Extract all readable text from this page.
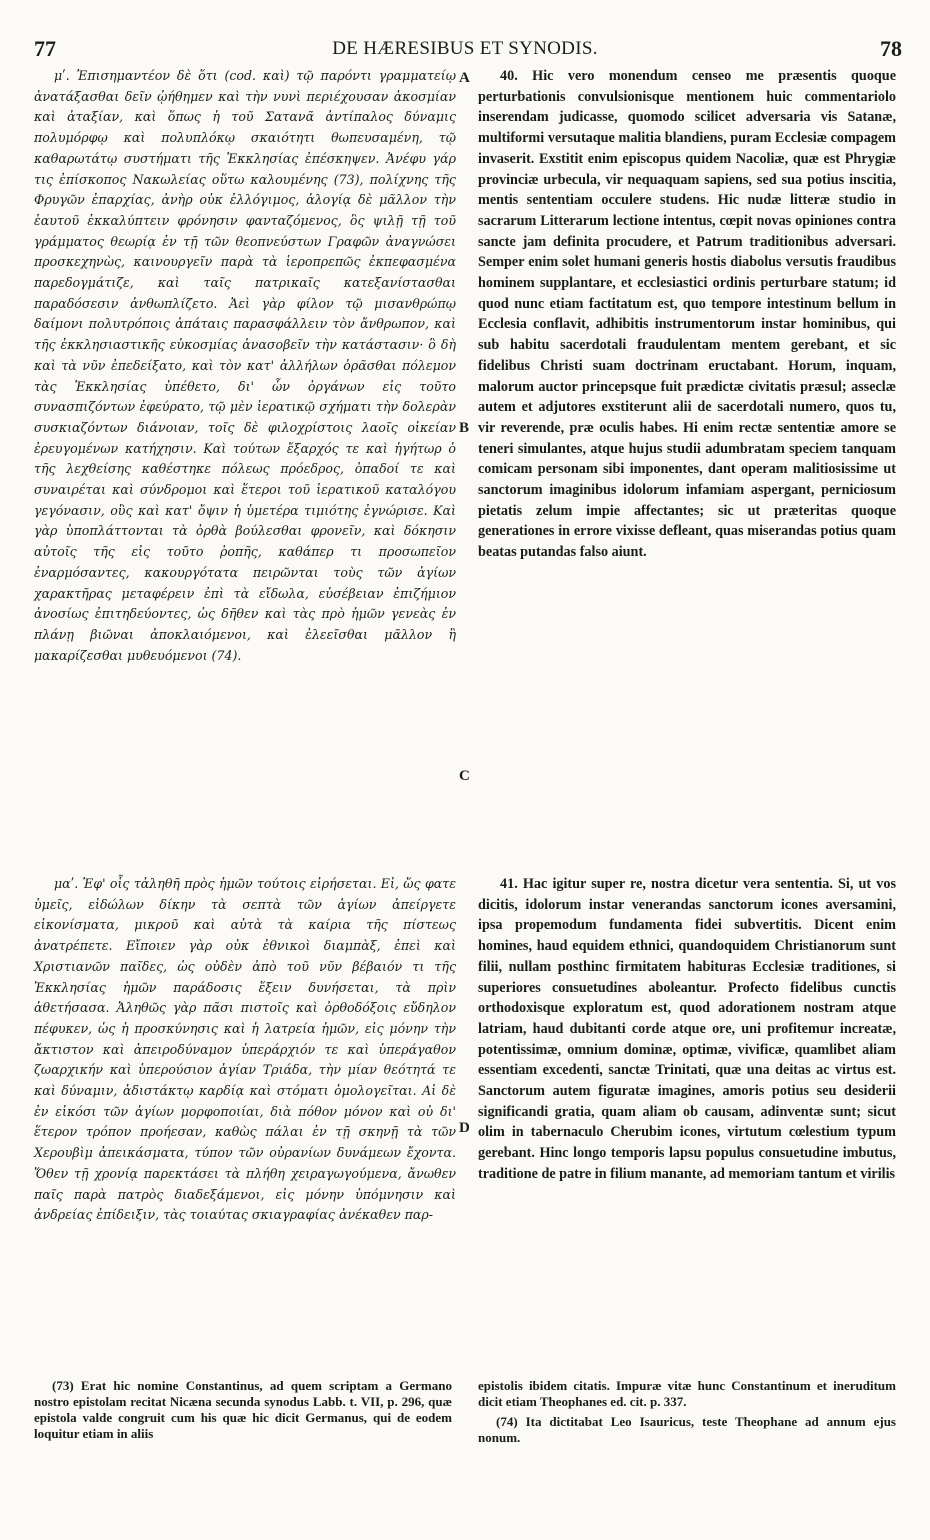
77	DE HÆRESIBUS ET SYNODIS.	78

μʹ. Ἐπισημαντέον δὲ ὅτι (cod. καὶ) τῷ παρόντι γραμματείῳ ἀνατάξασθαι δεῖν ᾠήθημεν καὶ τὴν νυνὶ περιέχουσαν ἀκοσμίαν καὶ ἀταξίαν, καὶ ὅπως ἡ τοῦ Σατανᾶ ἀντίπαλος δύναμις πολυμόρφῳ καὶ πολυπλόκῳ σκαιότητι θωπευσαμένη, τῷ καθαρωτάτῳ συστήματι τῆς Ἐκκλησίας ἐπέσκηψεν. Ἀνέφυ γάρ τις ἐπίσκοπος Νακωλείας οὕτω καλουμένης (73), πολίχνης τῆς Φρυγῶν ἐπαρχίας, ἀνὴρ οὐκ ἐλλόγιμος, ἀλογίᾳ δὲ μᾶλλον τὴν ἑαυτοῦ ἐκκαλύπτειν φρόνησιν φανταζόμενος, ὃς ψιλῇ τῇ τοῦ γράμματος θεωρίᾳ ἐν τῇ τῶν θεοπνεύστων Γραφῶν ἀναγνώσει προσκεχηνὼς, καινουργεῖν παρὰ τὰ ἱεροπρεπῶς ἐκπεφασμένα παρεδογμάτιζε, καὶ ταῖς πατρικαῖς κατεξανίστασθαι παραδόσεσιν ἀνθωπλίζετο. Ἀεὶ γὰρ φίλον τῷ μισανθρώπῳ δαίμονι πολυτρόποις ἀπάταις παρασφάλλειν τὸν ἄνθρωπον, καὶ τῆς ἐκκλησιαστικῆς εὐκοσμίας ἀνασοβεῖν τὴν κατάστασιν· ὃ δὴ καὶ τὰ νῦν ἐπεδείξατο, καὶ τὸν κατ' ἀλλήλων ὀρᾶσθαι πόλεμον τὰς Ἐκκλησίας ὑπέθετο, δι' ὧν ὀργάνων εἰς τοῦτο συνασπιζόντων ἐφεύρατο, τῷ μὲν ἱερατικῷ σχήματι τὴν δολερὰν συσκιαζόντων διάνοιαν, τοῖς δὲ φιλοχρίστοις λαοῖς οἰκείαν ἐρευγομένων κατήχησιν. Καὶ τούτων ἔξαρχός τε καὶ ἡγήτωρ ὁ τῆς λεχθείσης καθέστηκε πόλεως πρόεδρος, ὁπαδοί τε καὶ συναιρέται καὶ σύνδρομοι καὶ ἕτεροι τοῦ ἱερατικοῦ καταλόγου γεγόνασιν, οὓς καὶ κατ' ὄψιν ἡ ὑμετέρα τιμιότης ἐγνώρισε. Καὶ γὰρ ὑποπλάττονται τὰ ὀρθὰ βούλεσθαι φρονεῖν, καὶ δόκησιν αὐτοῖς τῆς εἰς τοῦτο ῥοπῆς, καθάπερ τι προσωπεῖον ἐναρμόσαντες, κακουργότατα πειρῶνται τοὺς τῶν ἁγίων χαρακτῆρας μεταφέρειν ἐπὶ τὰ εἴδωλα, εὐσέβειαν ἐπιζήμιον ἀνοσίως ἐπιτηδεύοντες, ὡς δῆθεν καὶ τὰς πρὸ ἡμῶν γενεὰς ἐν πλάνῃ βιῶναι ἀποκλαιόμενοι, καὶ ἐλεεῖσθαι μᾶλλον ἢ μακαρίζεσθαι μυθευόμενοι (74).

μαʹ. Ἐφ' οἷς τἀληθῆ πρὸς ἡμῶν τούτοις εἰρήσεται. Εἰ, ὥς φατε ὑμεῖς, εἰδώλων δίκην τὰ σεπτὰ τῶν ἁγίων ἀπείργετε εἰκονίσματα, μικροῦ καὶ αὐτὰ τὰ καίρια τῆς πίστεως ἀνατρέπετε. Εἴποιεν γὰρ οὐκ ἐθνικοὶ διαμπὰξ, ἐπεὶ καὶ Χριστιανῶν παῖδες, ὡς οὐδὲν ἀπὸ τοῦ νῦν βέβαιόν τι τῆς Ἐκκλησίας ἡμῶν παράδοσις ἕξειν δυνήσεται, τὰ πρὶν ἀθετήσασα. Ἀληθῶς γὰρ πᾶσι πιστοῖς καὶ ὀρθοδόξοις εὔδηλον πέφυκεν, ὡς ἡ προσκύνησις καὶ ἡ λατρεία ἡμῶν, εἰς μόνην τὴν ἄκτιστον καὶ ἀπειροδύναμον ὑπεράρχιόν τε καὶ ὑπεράγαθον ζωαρχικήν καὶ ὑπερούσιον ἁγίαν Τριάδα, τὴν μίαν θεότητά τε καὶ δύναμιν, ἀδιστάκτῳ καρδίᾳ καὶ στόματι ὁμολογεῖται. Αἱ δὲ ἐν εἰκόσι τῶν ἁγίων μορφοποιίαι, διὰ πόθον μόνον καὶ οὐ δι' ἕτερον τρόπον προήεσαν, καθὼς πάλαι ἐν τῇ σκηνῇ τὰ τῶν Χερουβὶμ ἀπεικάσματα, τύπον τῶν οὐρανίων δυνάμεων ἔχοντα. Ὅθεν τῇ χρονίᾳ παρεκτάσει τὰ πλήθη χειραγωγούμενα, ἄνωθεν παῖς παρὰ πατρὸς διαδεξάμενοι, εἰς μόνην ὑπόμνησιν καὶ ἀνδρείας ἐπίδειξιν, τὰς τοιαύτας σκιαγραφίας ἀνέκαθεν παρ-

40. Hic vero monendum censeo me præsentis quoque perturbationis convulsionisque mentionem huic commentariolo inserendam judicasse, quomodo scilicet adversaria vis Satanæ, multiformi versutaque malitia blandiens, puram Ecclesiæ compagem invaserit. Exstitit enim episcopus quidem Nacoliæ, quæ est Phrygiæ provinciæ urbecula, vir nequaquam sapiens, sed sua potius inscitia, mentis sententiam occulere studens. Hic nudæ litteræ studio in sacrarum Litterarum lectione intentus, cœpit novas opiniones contra sancte jam definita procudere, et Patrum traditionibus adversari. Semper enim solet humani generis hostis diabolus versutis fraudibus hominem supplantare, et ecclesiastici ordinis perturbare statum; id quod nunc etiam factitatum est, quo tempore intestinum bellum in Ecclesia conflavit, adhibitis instrumentorum instar hominibus, qui sub habitu sacerdotali fraudulentam mentem gerebant, et sic fidelibus Christi suam doctrinam eructabant. Horum, inquam, malorum auctor princepsque fuit prædictæ civitatis præsul; asseclæ autem et adjutores exstiterunt alii de sacerdotali numero, quos tu, vir reverende, præ oculis habes. Hi enim rectæ sententiæ amore se teneri simulantes, atque hujus studii adumbratam speciem tanquam comicam personam sibi imponentes, dant operam malitiosissime ut sanctorum imaginibus idolorum infamiam aspergant, perniciosum pietatis zelum impie affectantes; sic ut præteritas quoque generationes in errore vixisse defleant, quas miserandas potius quam beatas putandas falso aiunt.

41. Hac igitur super re, nostra dicetur vera sententia. Si, ut vos dicitis, idolorum instar venerandas sanctorum icones aversamini, ipsa propemodum fundamenta fidei subvertitis. Dicent enim homines, haud equidem ethnici, quandoquidem Christianorum sunt filii, nullam posthinc firmitatem habituras Ecclesiæ traditiones, si superiores consuetudines aboleantur. Profecto fidelibus cunctis orthodoxisque exploratum est, quod adorationem nostram atque latriam, haud dubitanti corde atque ore, uni profitemur increatæ, potentissimæ, omnium dominæ, optimæ, vivificæ, quamlibet aliam essentiam excedenti, sanctæ Trinitati, quæ una deitas ac virtus est. Sanctorum autem figuratæ imagines, amoris potius seu desiderii significandi gratia, quam aliam ob causam, adinventæ sunt; sicut olim in tabernaculo Cherubim icones, virtutum cœlestium typum gerebant. Hinc longo temporis lapsu populus consuetudine imbutus, traditione de patre in filium manante, ad memoriam tantum et virilis

A
B
C
D

(73) Erat hic nomine Constantinus, ad quem scriptam a Germano nostro epistolam recitat Nicæna secunda synodus Labb. t. VII, p. 296, quæ epistola valde congruit cum his quæ hic dicit Germanus, qui de eodem loquitur etiam in aliis

epistolis ibidem citatis. Impuræ vitæ hunc Constantinum et ineruditum dicit etiam Theophanes ed. cit. p. 337.

(74) Ita dictitabat Leo Isauricus, teste Theophane ad annum ejus nonum.
